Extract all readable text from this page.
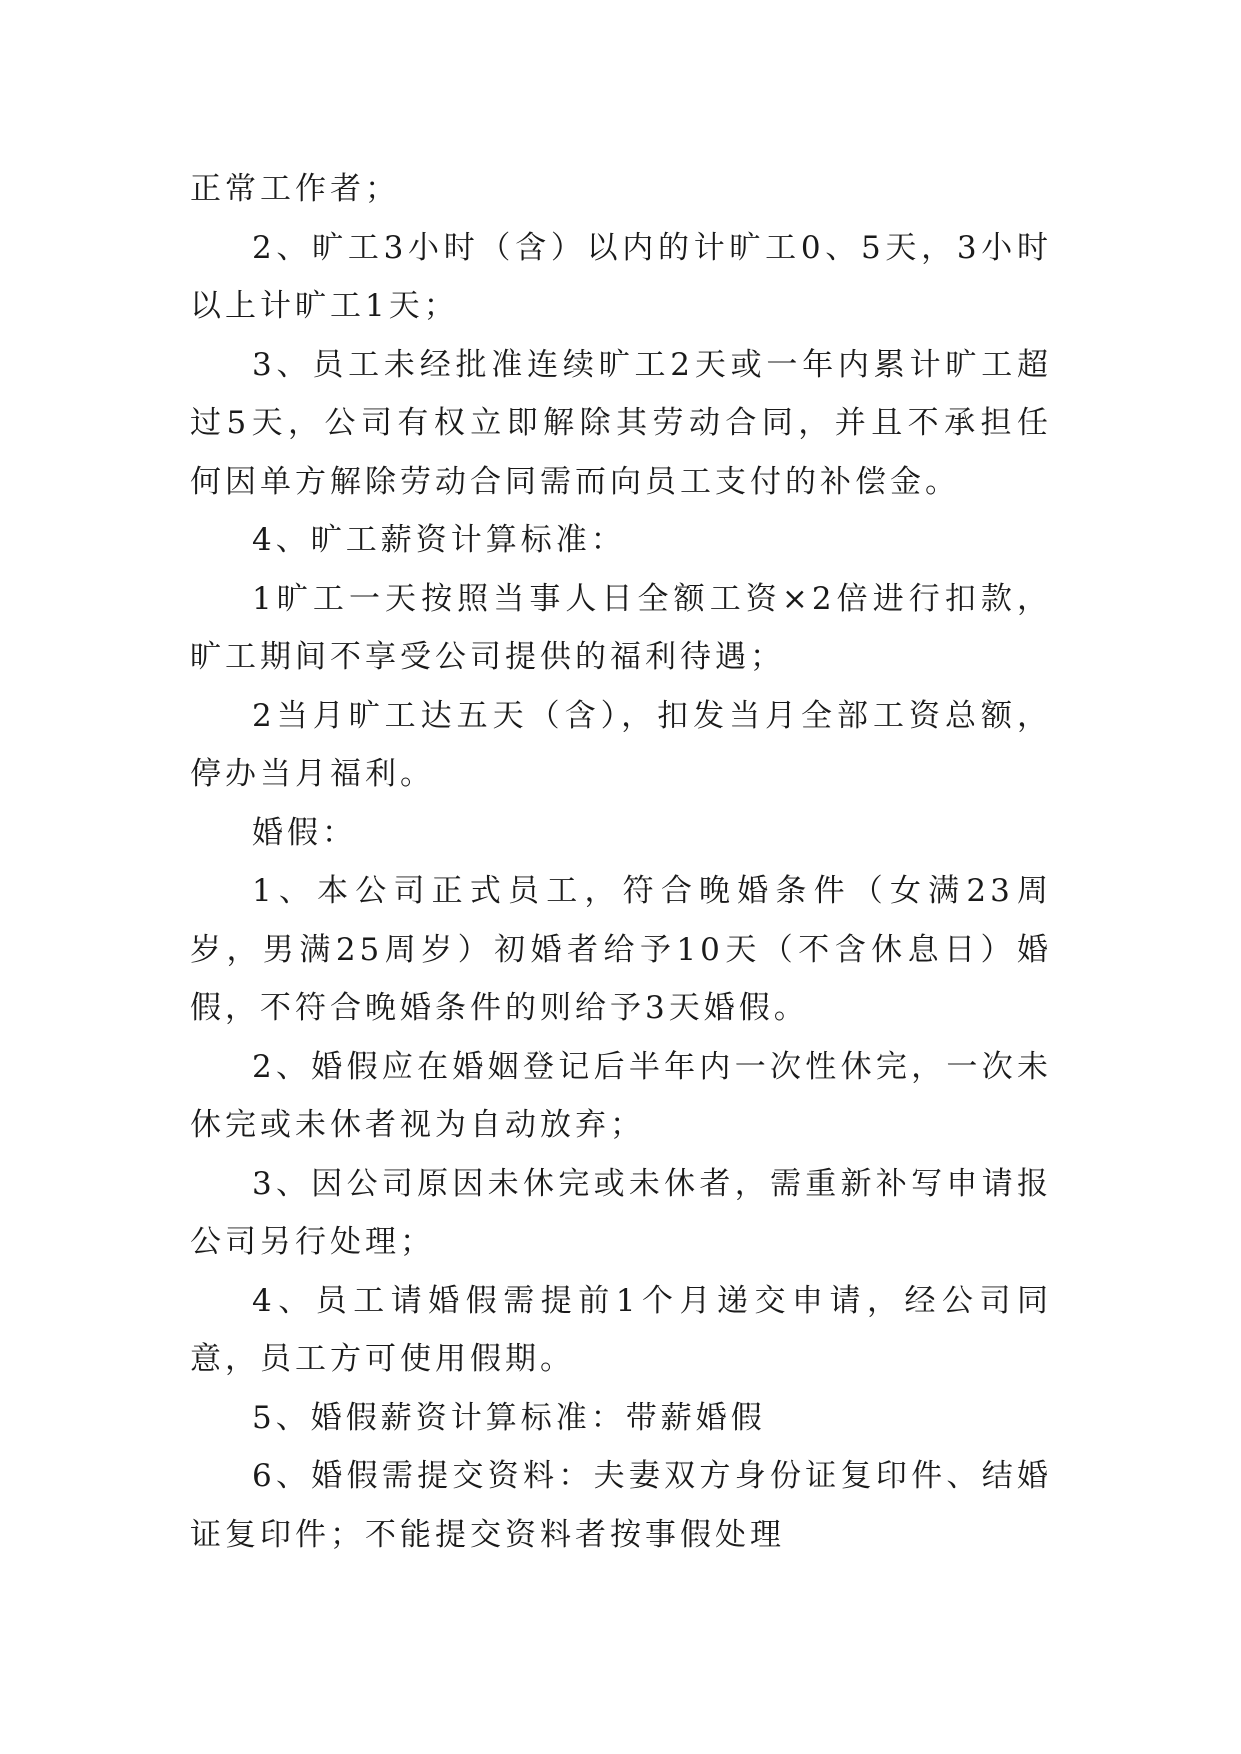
正常工作者；

2、旷工3小时（含）以内的计旷工0、5天，3小时以上计旷工1天；

3、员工未经批准连续旷工2天或一年内累计旷工超过5天，公司有权立即解除其劳动合同，并且不承担任何因单方解除劳动合同需而向员工支付的补偿金。

4、旷工薪资计算标准：

1旷工一天按照当事人日全额工资×2倍进行扣款，旷工期间不享受公司提供的福利待遇；

2当月旷工达五天（含），扣发当月全部工资总额，停办当月福利。

婚假：

1、本公司正式员工，符合晚婚条件（女满23周岁，男满25周岁）初婚者给予10天（不含休息日）婚假，不符合晚婚条件的则给予3天婚假。

2、婚假应在婚姻登记后半年内一次性休完，一次未休完或未休者视为自动放弃；

3、因公司原因未休完或未休者，需重新补写申请报公司另行处理；

4、员工请婚假需提前1个月递交申请，经公司同意，员工方可使用假期。

5、婚假薪资计算标准：带薪婚假

6、婚假需提交资料：夫妻双方身份证复印件、结婚证复印件；不能提交资料者按事假处理
